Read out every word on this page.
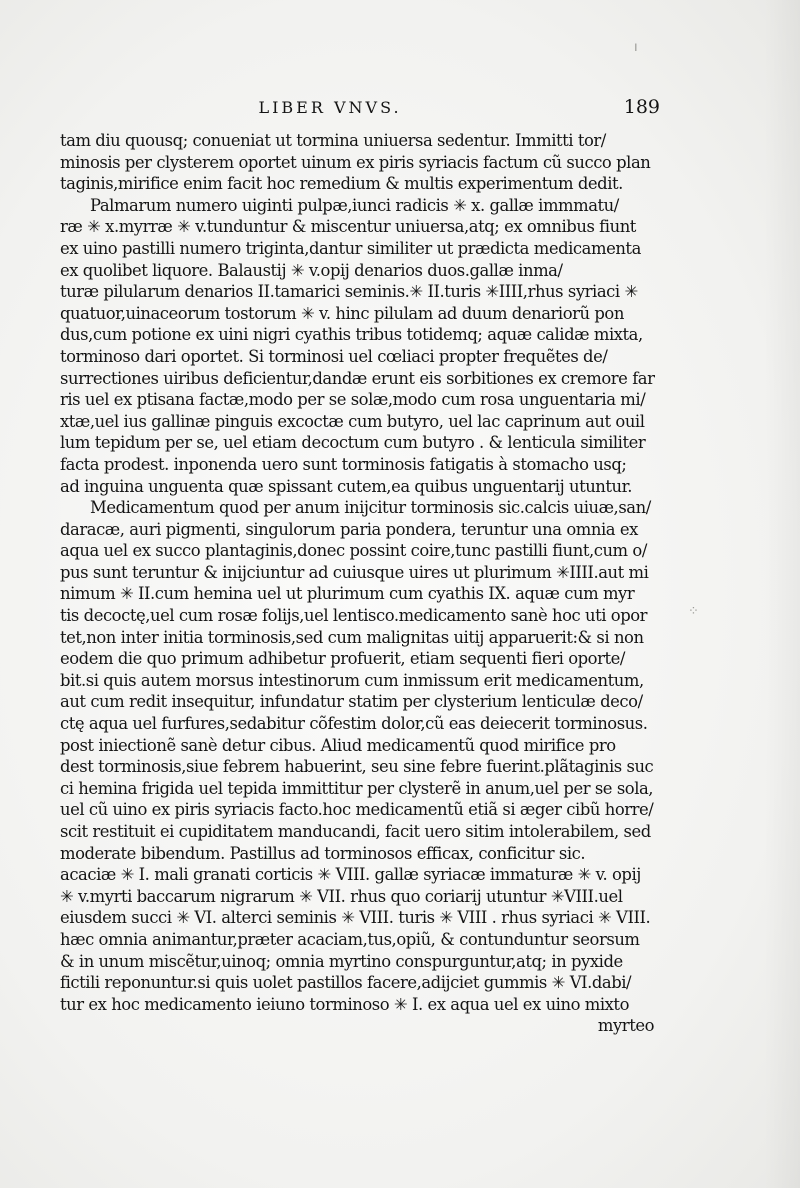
LIBER VNVS.	189
tam diu quousq; conueniat ut tormina uniuersa sedentur. Immitti tor/
minosis per clysterem oportet uinum ex piris syriacis factum cũ succo plan
taginis,mirifice enim facit hoc remedium & multis experimentum dedit.
Palmarum numero uiginti pulpæ,iunci radicis ✳ x. gallæ immmatu/
ræ ✳ x.myrræ ✳ v.tunduntur & miscentur uniuersa,atq; ex omnibus fiunt
ex uino pastilli numero triginta,dantur similiter ut prædicta medicamenta
ex quolibet liquore. Balaustij ✳ v.opij denarios duos.gallæ inma/
turæ pilularum denarios II.tamarici seminis.✳ II.turis ✳IIII,rhus syriaci ✳
quatuor,uinaceorum tostorum ✳ v. hinc pilulam ad duum denariorũ pon
dus,cum potione ex uini nigri cyathis tribus totidemq; aquæ calidæ mixta,
torminoso dari oportet. Si torminosi uel cœliaci propter frequẽtes de/
surrectiones uiribus deficientur,dandæ erunt eis sorbitiones ex cremore far
ris uel ex ptisana factæ,modo per se solæ,modo cum rosa unguentaria mi/
xtæ,uel ius gallinæ pinguis excoctæ cum butyro, uel lac caprinum aut ouil
lum tepidum per se, uel etiam decoctum cum butyro . & lenticula similiter
facta prodest. inponenda uero sunt torminosis fatigatis à stomacho usq;
ad inguina unguenta quæ spissant cutem,ea quibus unguentarij utuntur.
Medicamentum quod per anum inijcitur torminosis sic.calcis uiuæ,san/
daracæ, auri pigmenti, singulorum paria pondera, teruntur una omnia ex
aqua uel ex succo plantaginis,donec possint coire,tunc pastilli fiunt,cum o/
pus sunt teruntur & inijciuntur ad cuiusque uires ut plurimum ✳IIII.aut mi
nimum ✳ II.cum hemina uel ut plurimum cum cyathis IX. aquæ cum myr
tis decoctę,uel cum rosæ folijs,uel lentisco.medicamento sanè hoc uti opor
tet,non inter initia torminosis,sed cum malignitas uitij apparuerit:& si non
eodem die quo primum adhibetur profuerit, etiam sequenti fieri oporte/
bit.si quis autem morsus intestinorum cum inmissum erit medicamentum,
aut cum redit insequitur, infundatur statim per clysterium lenticulæ deco/
ctę aqua uel furfures,sedabitur cõfestim dolor,cũ eas deiecerit torminosus.
post iniectionẽ sanè detur cibus. Aliud medicamentũ quod mirifice pro
dest torminosis,siue febrem habuerint, seu sine febre fuerint.plãtaginis suc
ci hemina frigida uel tepida immittitur per clysterẽ in anum,uel per se sola,
uel cũ uino ex piris syriacis facto.hoc medicamentũ etiã si æger cibũ horre/
scit restituit ei cupiditatem manducandi, facit uero sitim intolerabilem, sed
moderate bibendum. Pastillus ad torminosos efficax, conficitur sic.
acaciæ ✳ I. mali granati corticis ✳ VIII. gallæ syriacæ immaturæ ✳ v. opij
✳ v.myrti baccarum nigrarum ✳ VII. rhus quo coriarij utuntur ✳VIII.uel
eiusdem succi ✳ VI. alterci seminis ✳ VIII. turis ✳ VIII . rhus syriaci ✳ VIII.
hæc omnia animantur,præter acaciam,tus,opiũ, & contunduntur seorsum
& in unum miscẽtur,uinoq; omnia myrtino conspurguntur,atq; in pyxide
fictili reponuntur.si quis uolet pastillos facere,adijciet gummis ✳ VI.dabi/
tur ex hoc medicamento ieiuno torminoso ✳ I. ex aqua uel ex uino mixto
myrteo
ı
⁘
